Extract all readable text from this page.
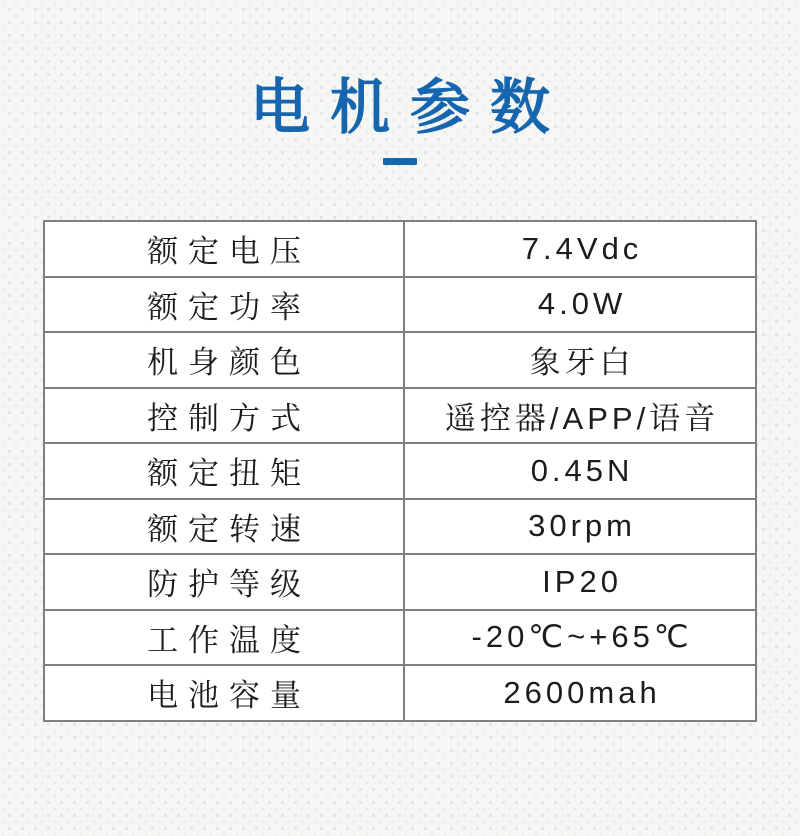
电机参数
额定电压	7.4Vdc
额定功率	4.0W
机身颜色	象牙白
控制方式	遥控器/APP/语音
额定扭矩	0.45N
额定转速	30rpm
防护等级	IP20
工作温度	-20℃~+65℃
电池容量	2600mah
